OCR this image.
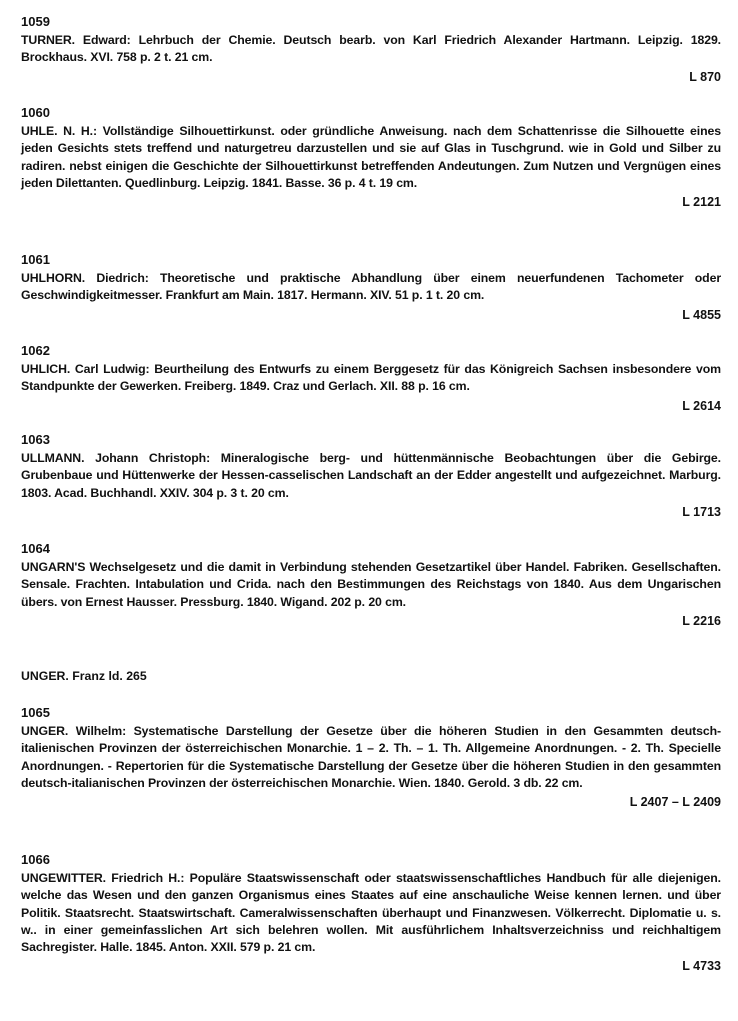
1059
TURNER. Edward: Lehrbuch der Chemie. Deutsch bearb. von Karl Friedrich Alexander Hartmann. Leipzig. 1829. Brockhaus. XVI. 758 p. 2 t. 21 cm.
L 870
1060
UHLE. N. H.: Vollständige Silhouettirkunst. oder gründliche Anweisung. nach dem Schattenrisse die Silhouette eines jeden Gesichts stets treffend und naturgetreu darzustellen und sie auf Glas in Tuschgrund. wie in Gold und Silber zu radiren. nebst einigen die Geschichte der Silhouettirkunst betreffenden Andeutungen. Zum Nutzen und Vergnügen eines jeden Dilettanten. Quedlinburg. Leipzig. 1841. Basse. 36 p. 4 t. 19 cm.
L 2121
1061
UHLHORN. Diedrich: Theoretische und praktische Abhandlung über einem neuerfundenen Tachometer oder Geschwindigkeitmesser. Frankfurt am Main. 1817. Hermann. XIV. 51 p. 1 t. 20 cm.
L 4855
1062
UHLICH. Carl Ludwig: Beurtheilung des Entwurfs zu einem Berggesetz für das Königreich Sachsen insbesondere vom Standpunkte der Gewerken. Freiberg. 1849. Craz und Gerlach. XII. 88 p. 16 cm.
L 2614
1063
ULLMANN. Johann Christoph: Mineralogische berg- und hüttenmännische Beobachtungen über die Gebirge. Grubenbaue und Hüttenwerke der Hessen-casselischen Landschaft an der Edder angestellt und aufgezeichnet. Marburg. 1803. Acad. Buchhandl. XXIV. 304 p. 3 t. 20 cm.
L 1713
1064
UNGARN'S Wechselgesetz und die damit in Verbindung stehenden Gesetzartikel über Handel. Fabriken. Gesellschaften. Sensale. Frachten. Intabulation und Crida. nach den Bestimmungen des Reichstags von 1840. Aus dem Ungarischen übers. von Ernest Hausser. Pressburg. 1840. Wigand. 202 p. 20 cm.
L 2216
UNGER. Franz ld. 265
1065
UNGER. Wilhelm: Systematische Darstellung der Gesetze über die höheren Studien in den Gesammten deutsch-italienischen Provinzen der österreichischen Monarchie. 1 – 2. Th. – 1. Th. Allgemeine Anordnungen. - 2. Th. Specielle Anordnungen. - Repertorien für die Systematische Darstellung der Gesetze über die höheren Studien in den gesammten deutsch-italianischen Provinzen der österreichischen Monarchie. Wien. 1840. Gerold. 3 db. 22 cm.
L 2407 – L 2409
1066
UNGEWITTER. Friedrich H.: Populäre Staatswissenschaft oder staatswissenschaftliches Handbuch für alle diejenigen. welche das Wesen und den ganzen Organismus eines Staates auf eine anschauliche Weise kennen lernen. und über Politik. Staatsrecht. Staatswirtschaft. Cameralwissenschaften überhaupt und Finanzwesen. Völkerrecht. Diplomatie u. s. w.. in einer gemeinfasslichen Art sich belehren wollen. Mit ausführlichem Inhaltsverzeichniss und reichhaltigem Sachregister. Halle. 1845. Anton. XXII. 579 p. 21 cm.
L 4733
